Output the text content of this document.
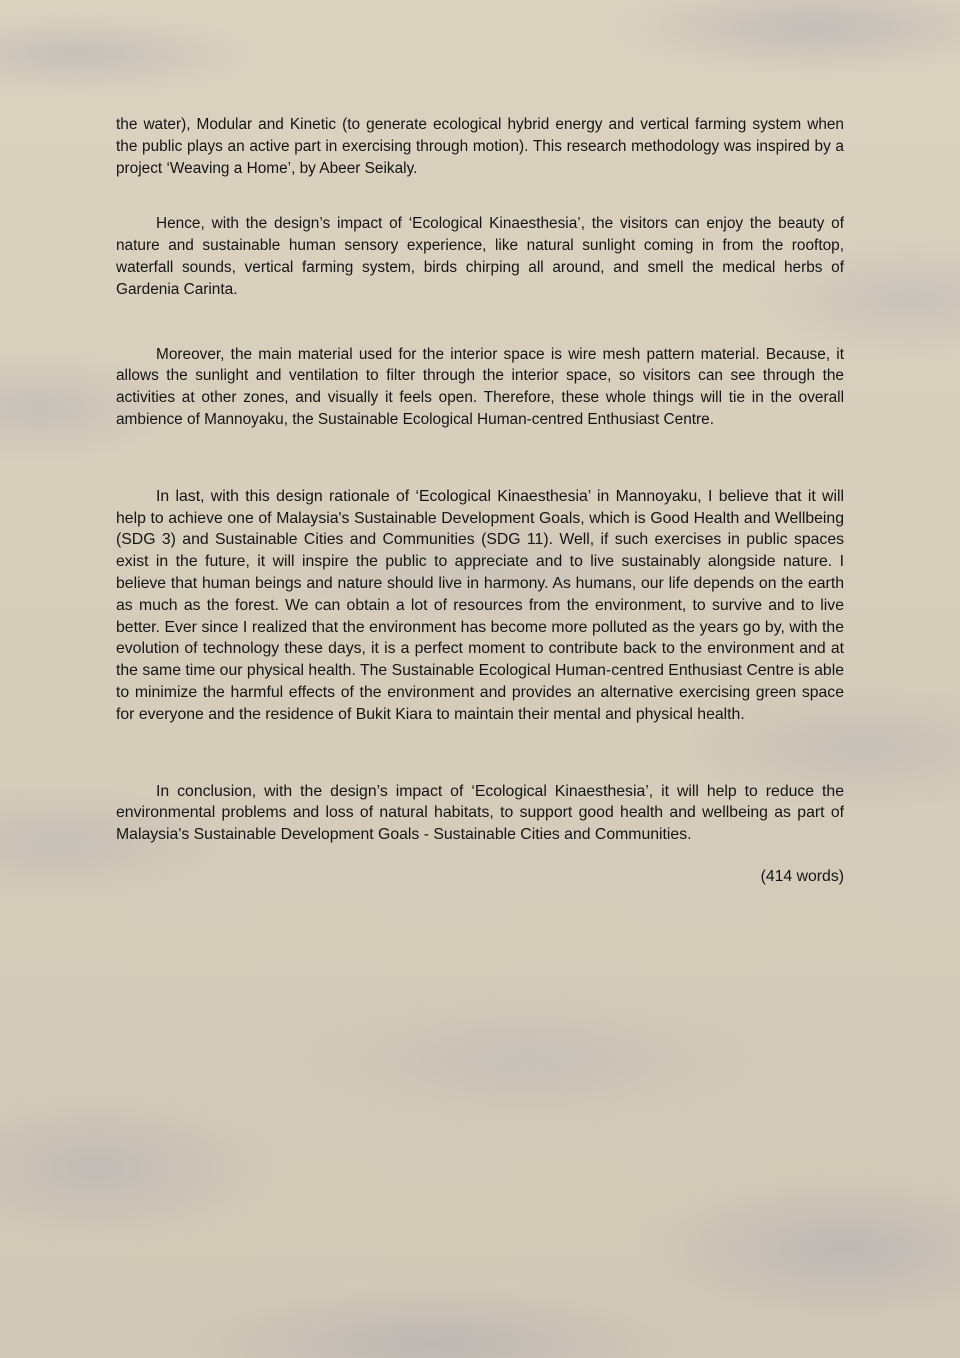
the water), Modular and Kinetic (to generate ecological hybrid energy and vertical farming system when the public plays an active part in exercising through motion). This research methodology was inspired by a project ‘Weaving a Home’, by Abeer Seikaly.

Hence, with the design’s impact of ‘Ecological Kinaesthesia’, the visitors can enjoy the beauty of nature and sustainable human sensory experience, like natural sunlight coming in from the rooftop, waterfall sounds, vertical farming system, birds chirping all around, and smell the medical herbs of Gardenia Carinta.

Moreover, the main material used for the interior space is wire mesh pattern material. Because, it allows the sunlight and ventilation to filter through the interior space, so visitors can see through the activities at other zones, and visually it feels open. Therefore, these whole things will tie in the overall ambience of Mannoyaku, the Sustainable Ecological Human-centred Enthusiast Centre.

In last, with this design rationale of ‘Ecological Kinaesthesia’ in Mannoyaku, I believe that it will help to achieve one of Malaysia's Sustainable Development Goals, which is Good Health and Wellbeing (SDG 3) and Sustainable Cities and Communities (SDG 11). Well, if such exercises in public spaces exist in the future, it will inspire the public to appreciate and to live sustainably alongside nature. I believe that human beings and nature should live in harmony. As humans, our life depends on the earth as much as the forest. We can obtain a lot of resources from the environment, to survive and to live better. Ever since I realized that the environment has become more polluted as the years go by, with the evolution of technology these days, it is a perfect moment to contribute back to the environment and at the same time our physical health. The Sustainable Ecological Human-centred Enthusiast Centre is able to minimize the harmful effects of the environment and provides an alternative exercising green space for everyone and the residence of Bukit Kiara to maintain their mental and physical health.

In conclusion, with the design’s impact of ‘Ecological Kinaesthesia’, it will help to reduce the environmental problems and loss of natural habitats, to support good health and wellbeing as part of Malaysia's Sustainable Development Goals - Sustainable Cities and Communities.

(414 words)
